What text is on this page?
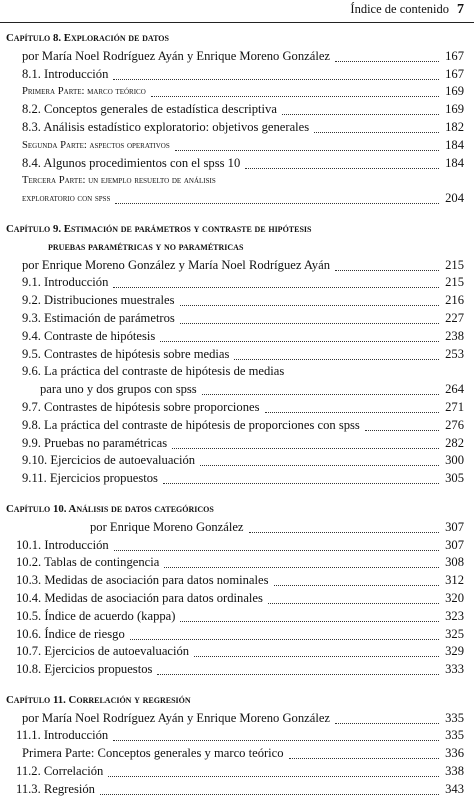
Índice de contenido 7
Capítulo 8. Exploración de datos
por María Noel Rodríguez Ayán y Enrique Moreno González	167
8.1. Introducción	167
Primera Parte: marco teórico	169
8.2. Conceptos generales de estadística descriptiva	169
8.3. Análisis estadístico exploratorio: objetivos generales	182
Segunda Parte: aspectos operativos	184
8.4. Algunos procedimientos con el spss 10	184
Tercera Parte: un ejemplo resuelto de análisis
exploratorio con spss	204
Capítulo 9. Estimación de parámetros y contraste de hipótesis
pruebas paramétricas y no paramétricas
por Enrique Moreno González y María Noel Rodríguez Ayán	215
9.1. Introducción	215
9.2. Distribuciones muestrales	216
9.3. Estimación de parámetros	227
9.4. Contraste de hipótesis	238
9.5. Contrastes de hipótesis sobre medias	253
9.6. La práctica del contraste de hipótesis de medias
para uno y dos grupos con spss	264
9.7. Contrastes de hipótesis sobre proporciones	271
9.8. La práctica del contraste de hipótesis de proporciones con spss	276
9.9. Pruebas no paramétricas	282
9.10. Ejercicios de autoevaluación	300
9.11. Ejercicios propuestos	305
Capítulo 10. Análisis de datos categóricos
por Enrique Moreno González	307
10.1. Introducción	307
10.2. Tablas de contingencia	308
10.3. Medidas de asociación para datos nominales	312
10.4. Medidas de asociación para datos ordinales	320
10.5. Índice de acuerdo (kappa)	323
10.6. Índice de riesgo	325
10.7. Ejercicios de autoevaluación	329
10.8. Ejercicios propuestos	333
Capítulo 11. Correlación y regresión
por María Noel Rodríguez Ayán y Enrique Moreno González	335
11.1. Introducción	335
Primera Parte: Conceptos generales y marco teórico	336
11.2. Correlación	338
11.3. Regresión	343
